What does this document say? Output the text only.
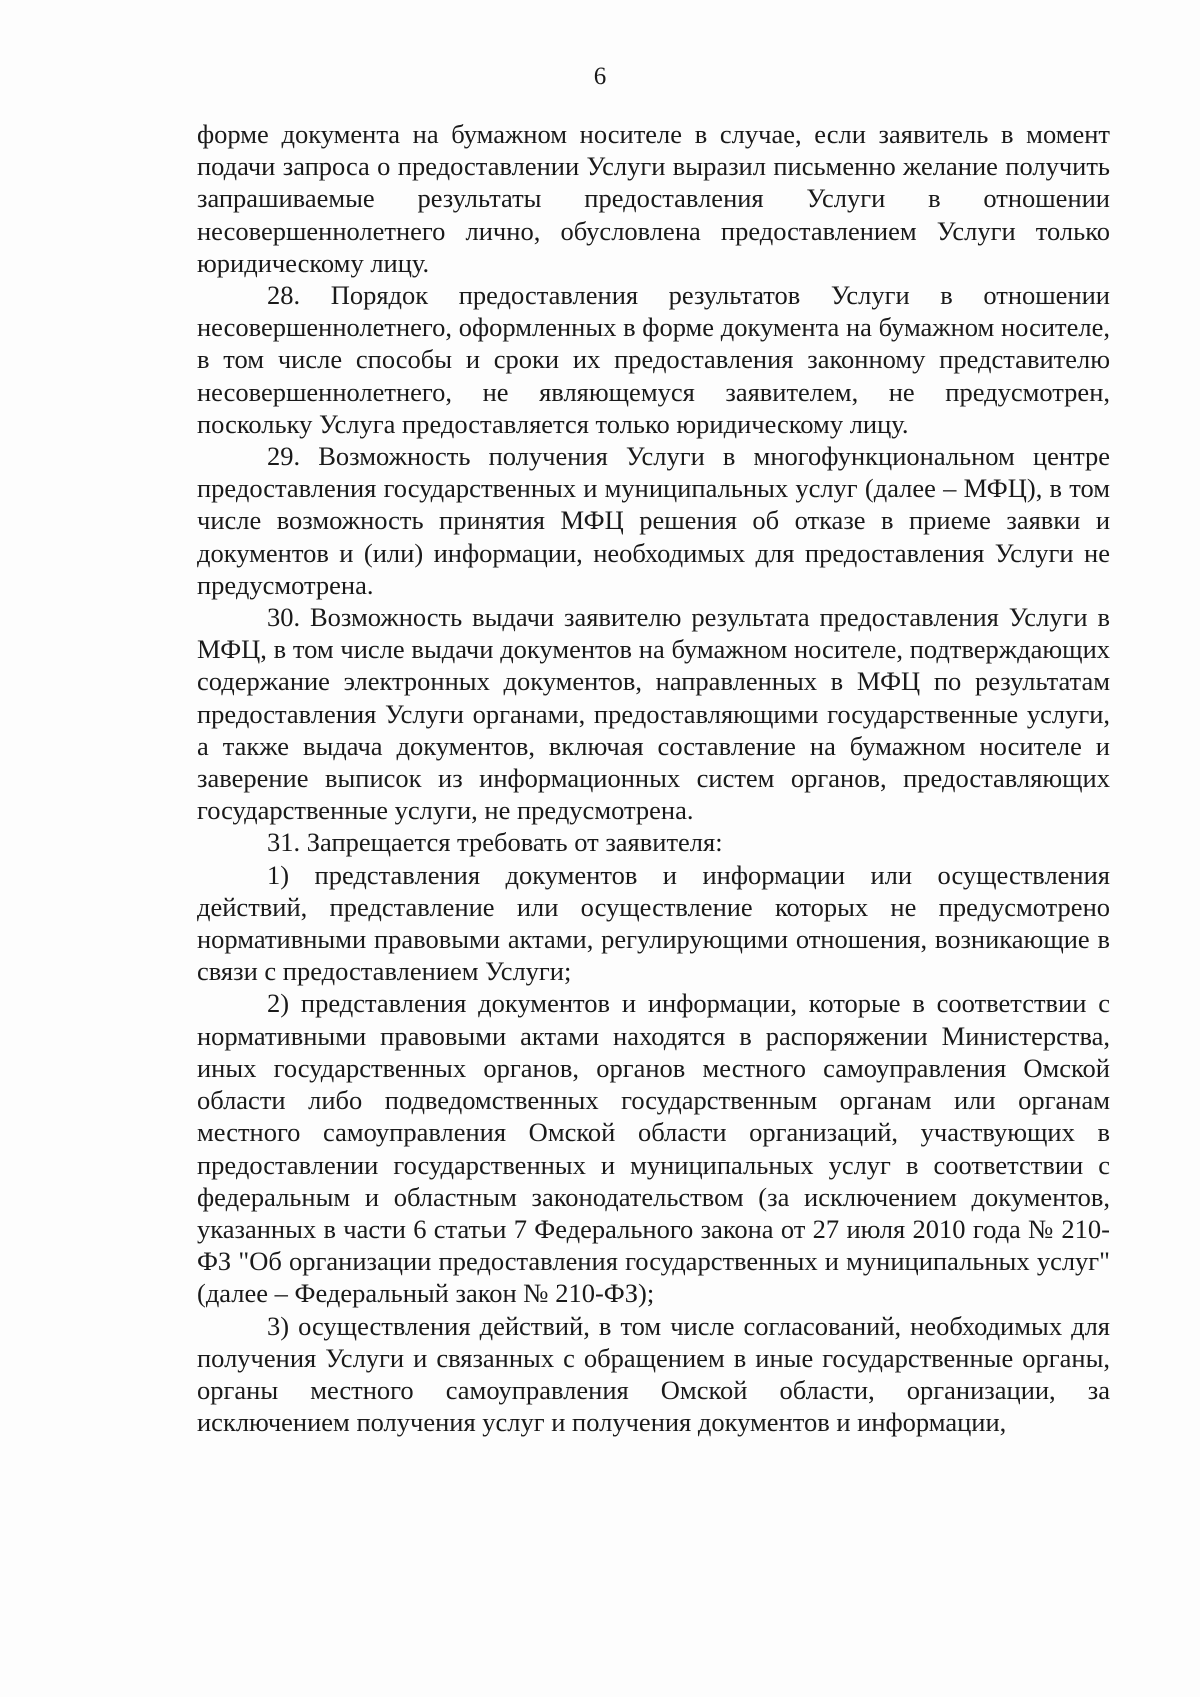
6

форме документа на бумажном носителе в случае, если заявитель в момент подачи запроса о предоставлении Услуги выразил письменно желание получить запрашиваемые результаты предоставления Услуги в отношении несовершеннолетнего лично, обусловлена предоставлением Услуги только юридическому лицу.

28. Порядок предоставления результатов Услуги в отношении несовершеннолетнего, оформленных в форме документа на бумажном носителе, в том числе способы и сроки их предоставления законному представителю несовершеннолетнего, не являющемуся заявителем, не предусмотрен, поскольку Услуга предоставляется только юридическому лицу.

29. Возможность получения Услуги в многофункциональном центре предоставления государственных и муниципальных услуг (далее – МФЦ), в том числе возможность принятия МФЦ решения об отказе в приеме заявки и документов и (или) информации, необходимых для предоставления Услуги не предусмотрена.

30. Возможность выдачи заявителю результата предоставления Услуги в МФЦ, в том числе выдачи документов на бумажном носителе, подтверждающих содержание электронных документов, направленных в МФЦ по результатам предоставления Услуги органами, предоставляющими государственные услуги, а также выдача документов, включая составление на бумажном носителе и заверение выписок из информационных систем органов, предоставляющих государственные услуги, не предусмотрена.

31. Запрещается требовать от заявителя:

1) представления документов и информации или осуществления действий, представление или осуществление которых не предусмотрено нормативными правовыми актами, регулирующими отношения, возникающие в связи с предоставлением Услуги;

2) представления документов и информации, которые в соответствии с нормативными правовыми актами находятся в распоряжении Министерства, иных государственных органов, органов местного самоуправления Омской области либо подведомственных государственным органам или органам местного самоуправления Омской области организаций, участвующих в предоставлении государственных и муниципальных услуг в соответствии с федеральным и областным законодательством (за исключением документов, указанных в части 6 статьи 7 Федерального закона от 27 июля 2010 года № 210-ФЗ "Об организации предоставления государственных и муниципальных услуг" (далее – Федеральный закон № 210-ФЗ);

3) осуществления действий, в том числе согласований, необходимых для получения Услуги и связанных с обращением в иные государственные органы, органы местного самоуправления Омской области, организации, за исключением получения услуг и получения документов и информации,
